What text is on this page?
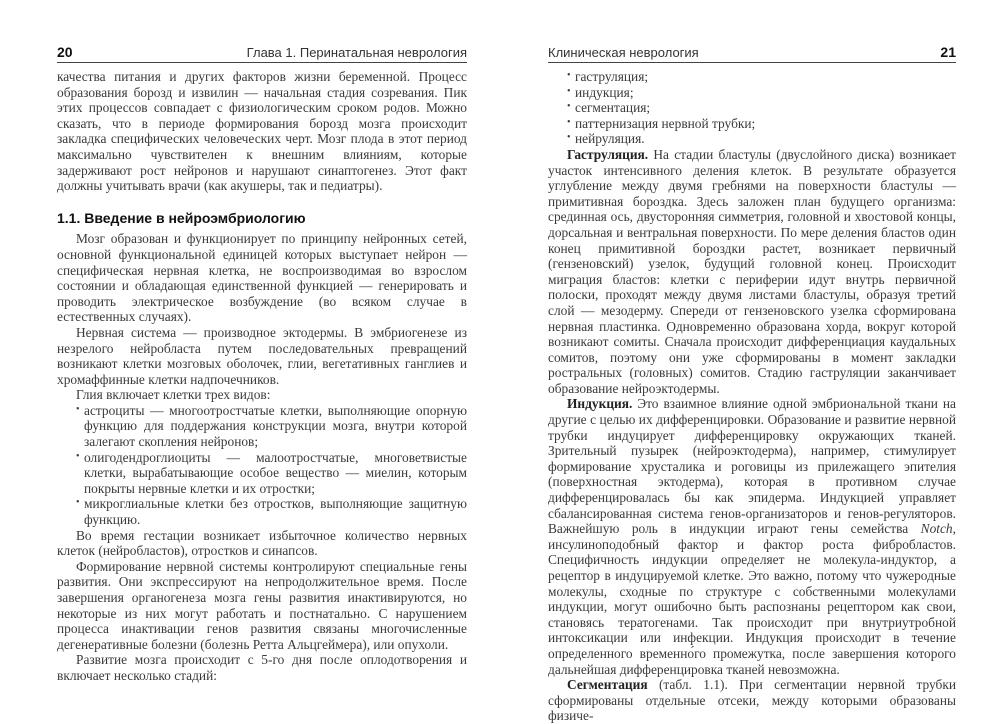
20	Глава 1. Перинатальная неврология

качества питания и других факторов жизни беременной. Процесс образования борозд и извилин — начальная стадия созревания. Пик этих процессов совпадает с физиологическим сроком родов. Можно сказать, что в периоде формирования борозд мозга происходит закладка специфических человеческих черт. Мозг плода в этот период максимально чувствителен к внешним влияниям, которые задерживают рост нейронов и нарушают синаптогенез. Этот факт должны учитывать врачи (как акушеры, так и педиатры).

1.1. Введение в нейроэмбриологию

Мозг образован и функционирует по принципу нейронных сетей, основной функциональной единицей которых выступает нейрон — специфическая нервная клетка, не воспроизводимая во взрослом состоянии и обладающая единственной функцией — генерировать и проводить электрическое возбуждение (во всяком случае в естественных случаях).

Нервная система — производное эктодермы. В эмбриогенезе из незрелого нейробласта путем последовательных превращений возникают клетки мозговых оболочек, глии, вегетативных ганглиев и хромаффинные клетки надпочечников.

Глия включает клетки трех видов:

• астроциты — многоотростчатые клетки, выполняющие опорную функцию для поддержания конструкции мозга, внутри которой залегают скопления нейронов;
• олигодендроглиоциты — малоотростчатые, многоветвистые клетки, вырабатывающие особое вещество — миелин, которым покрыты нервные клетки и их отростки;
• микроглиальные клетки без отростков, выполняющие защитную функцию.

Во время гестации возникает избыточное количество нервных клеток (нейробластов), отростков и синапсов.

Формирование нервной системы контролируют специальные гены развития. Они экспрессируют на непродолжительное время. После завершения органогенеза мозга гены развития инактивируются, но некоторые из них могут работать и постнатально. С нарушением процесса инактивации генов развития связаны многочисленные дегенеративные болезни (болезнь Ретта Альцгеймера), или опухоли.

Развитие мозга происходит с 5-го дня после оплодотворения и включает несколько стадий:

Клиническая неврология	21
• гаструляция;
• индукция;
• сегментация;
• паттернизация нервной трубки;
• нейруляция.

Гаструляция. На стадии бластулы (двуслойного диска) возникает участок интенсивного деления клеток. В результате образуется углубление между двумя гребнями на поверхности бластулы — примитивная бороздка. Здесь заложен план будущего организма: срединная ось, двусторонняя симметрия, головной и хвостовой концы, дорсальная и вентральная поверхности. По мере деления бластов один конец примитивной бороздки растет, возникает первичный (гензеновский) узелок, будущий головной конец. Происходит миграция бластов: клетки с периферии идут внутрь первичной полоски, проходят между двумя листами бластулы, образуя третий слой — мезодерму. Спереди от гензеновского узелка сформирована нервная пластинка. Одновременно образована хорда, вокруг которой возникают сомиты. Сначала происходит дифференциация каудальных сомитов, поэтому они уже сформированы в момент закладки ростральных (головных) сомитов. Стадию гаструляции заканчивает образование нейроэктодермы.

Индукция. Это взаимное влияние одной эмбриональной ткани на другие с целью их дифференцировки. Образование и развитие нервной трубки индуцирует дифференцировку окружающих тканей. Зрительный пузырек (нейроэктодерма), например, стимулирует формирование хрусталика и роговицы из прилежащего эпителия (поверхностная эктодерма), которая в противном случае дифференцировалась бы как эпидерма. Индукцией управляет сбалансированная система генов-организаторов и генов-регуляторов. Важнейшую роль в индукции играют гены семейства Notch, инсулиноподобный фактор и фактор роста фибробластов. Специфичность индукции определяет не молекула-индуктор, а рецептор в индуцируемой клетке. Это важно, потому что чужеродные молекулы, сходные по структуре с собственными молекулами индукции, могут ошибочно быть распознаны рецептором как свои, становясь тератогенами. Так происходит при внутриутробной интоксикации или инфекции. Индукция происходит в течение определенного временно́го промежутка, после завершения которого дальнейшая дифференцировка тканей невозможна.

Сегментация (табл. 1.1). При сегментации нервной трубки сформированы отдельные отсеки, между которыми образованы физиче-
